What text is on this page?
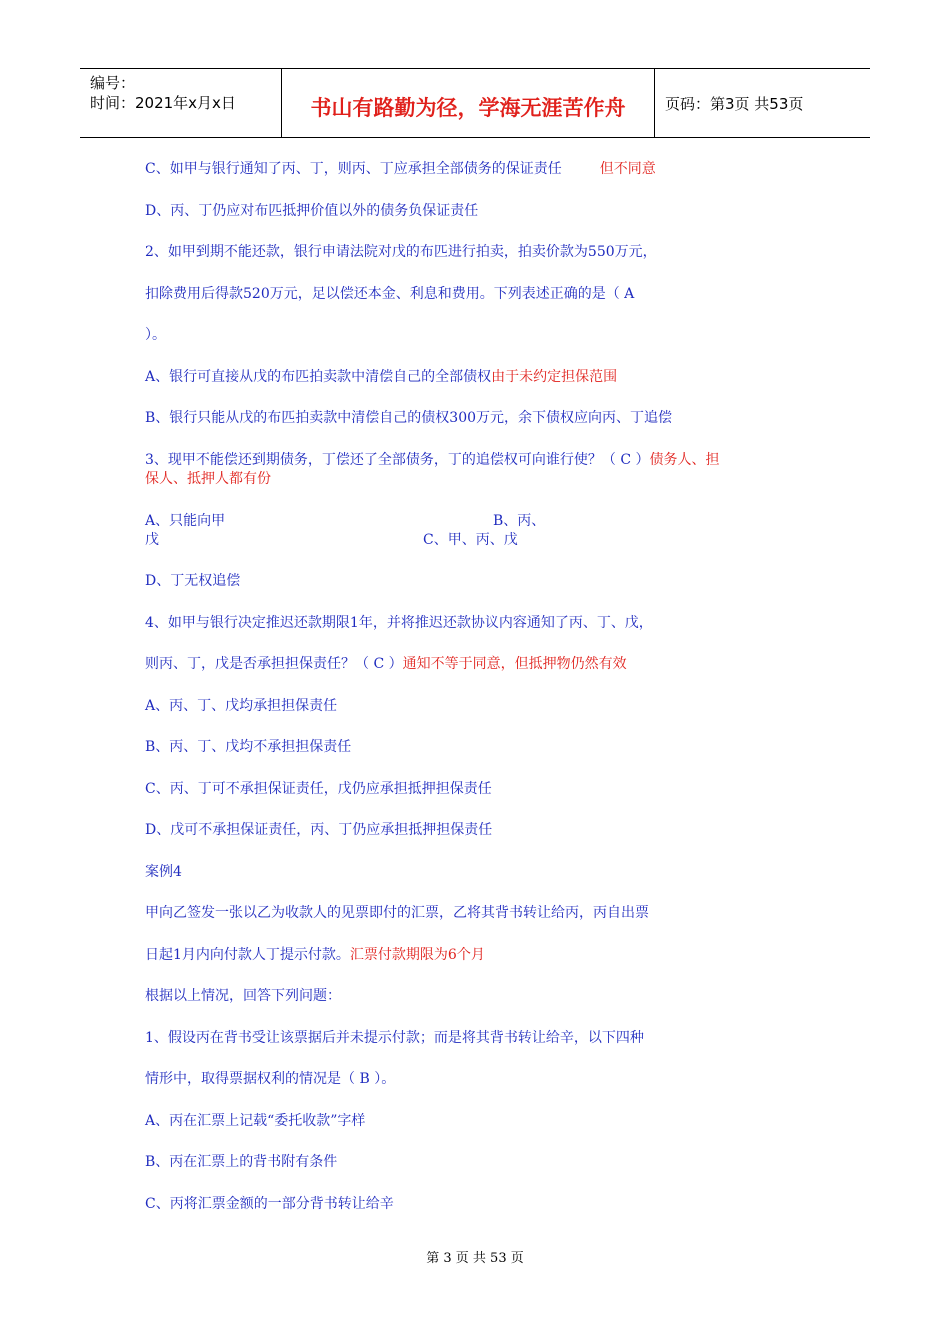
编号：
时间：2021年x月x日	书山有路勤为径，学海无涯苦作舟	页码：第3页 共53页
C、如甲与银行通知了丙、丁，则丙、丁应承担全部债务的保证责任	但不同意
D、丙、丁仍应对布匹抵押价值以外的债务负保证责任
2、如甲到期不能还款，银行申请法院对戊的布匹进行拍卖，拍卖价款为550万元，
扣除费用后得款520万元，足以偿还本金、利息和费用。下列表述正确的是（ A
）。
A、银行可直接从戊的布匹拍卖款中清偿自己的全部债权由于未约定担保范围
B、银行只能从戊的布匹拍卖款中清偿自己的债权300万元，余下债权应向丙、丁追偿
3、现甲不能偿还到期债务，丁偿还了全部债务，丁的追偿权可向谁行使？（ C ）债务人、担
保人、抵押人都有份
A、只能向甲	B、丙、
戊	C、甲、丙、戊
D、丁无权追偿
4、如甲与银行决定推迟还款期限1年，并将推迟还款协议内容通知了丙、丁、戊，
则丙、丁，戊是否承担担保责任？（ C ）通知不等于同意，但抵押物仍然有效
A、丙、丁、戊均承担担保责任
B、丙、丁、戊均不承担担保责任
C、丙、丁可不承担保证责任，戊仍应承担抵押担保责任
D、戊可不承担保证责任，丙、丁仍应承担抵押担保责任
案例4
甲向乙签发一张以乙为收款人的见票即付的汇票，乙将其背书转让给丙，丙自出票
日起1月内向付款人丁提示付款。汇票付款期限为6个月
根据以上情况，回答下列问题：
1、假设丙在背书受让该票据后并未提示付款；而是将其背书转让给辛，以下四种
情形中，取得票据权利的情况是（ B ）。
A、丙在汇票上记载“委托收款”字样
B、丙在汇票上的背书附有条件
C、丙将汇票金额的一部分背书转让给辛
第 3 页 共 53 页
